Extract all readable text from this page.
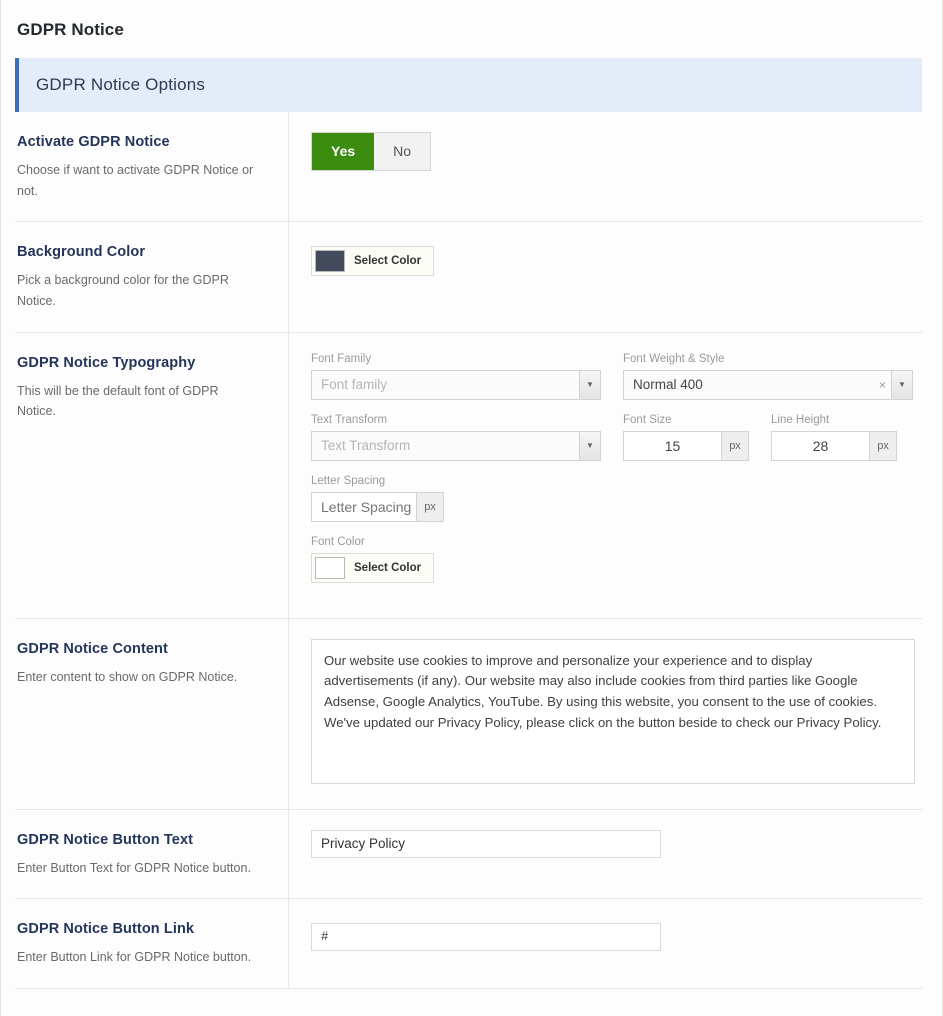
GDPR Notice
GDPR Notice Options

Activate GDPR Notice

Choose if want to activate GDPR Notice or not.

Yes	No

Background Color

Pick a background color for the GDPR Notice.

Select Color

GDPR Notice Typography

This will be the default font of GDPR Notice.

Font Family
Font family	▼
Font Weight & Style
Normal 400	×	▼
Text Transform
Text Transform	▼
Font Size
15
px
Line Height
28
px
Letter Spacing
Letter Spacing
px
Font Color
Select Color

GDPR Notice Content

Enter content to show on GDPR Notice.

Our website use cookies to improve and personalize your experience and to display advertisements (if any). Our website may also include cookies from third parties like Google Adsense, Google Analytics, YouTube. By using this website, you consent to the use of cookies. We've updated our Privacy Policy, please click on the button beside to check our Privacy Policy.

GDPR Notice Button Text

Enter Button Text for GDPR Notice button.

Privacy Policy

GDPR Notice Button Link

Enter Button Link for GDPR Notice button.

#
